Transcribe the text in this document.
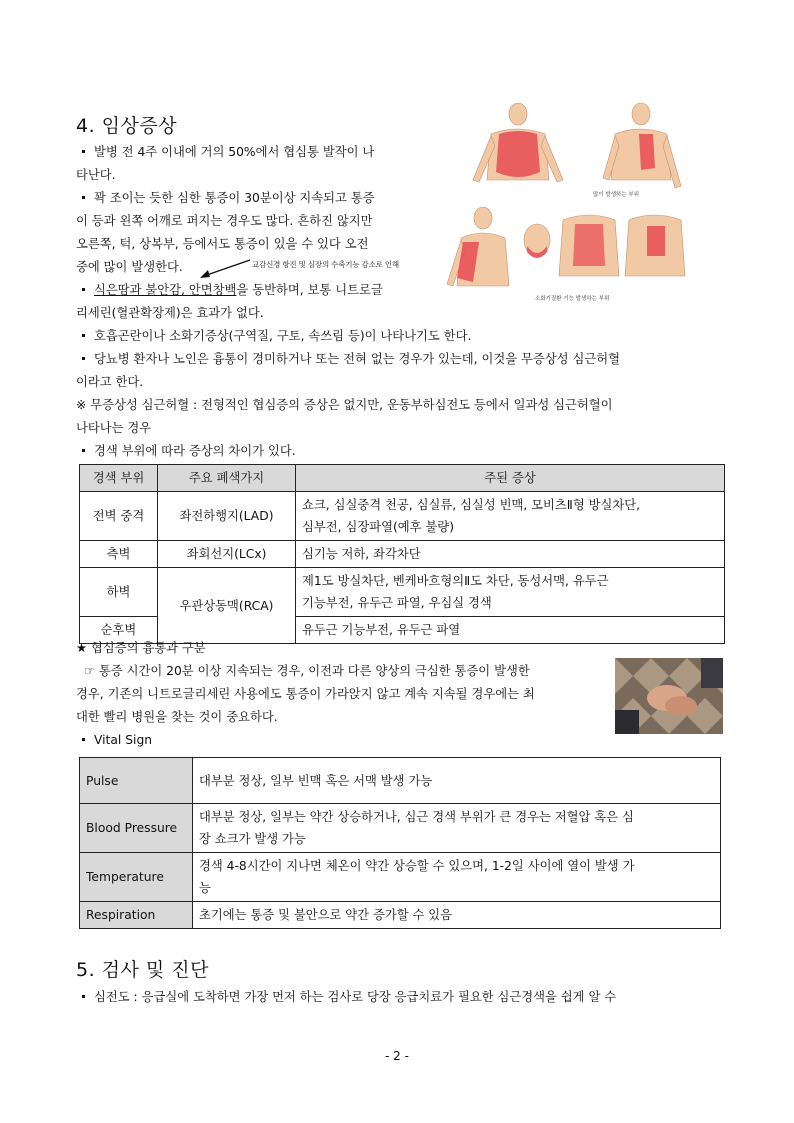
4. 임상증상
발병 전 4주 이내에 거의 50%에서 협심통 발작이 나
타난다.
꽉 조이는 듯한 심한 통증이 30분이상 지속되고 통증
이 등과 왼쪽 어깨로 퍼지는 경우도 많다. 흔하진 않지만
오른쪽, 턱, 상복부, 등에서도 통증이 있을 수 있다 오전
중에 많이 발생한다.	교감신경 항진 및 심장의 수축기능 감소로 인해
식은땀과 불안감, 안면창백을 동반하며, 보통 니트로글
리세린(혈관확장제)은 효과가 없다.
호흡곤란이나 소화기증상(구역질, 구토, 속쓰림 등)이 나타나기도 한다.
당뇨병 환자나 노인은 흉통이 경미하거나 또는 전혀 없는 경우가 있는데, 이것을 무증상성 심근허혈
이라고 한다.
※ 무증상성 심근허혈 : 전형적인 협심증의 증상은 없지만, 운동부하심전도 등에서 일과성 심근허혈이
나타나는 경우
경색 부위에 따라 증상의 차이가 있다.
많이 발생하는 부위
소화기질환 기능 발생하는 부위
경색 부위	주요 폐색가지	주된 증상
전벽 중격	좌전하행지(LAD)	쇼크, 심실중격 천공, 심실류, 심실성 빈맥, 모비츠Ⅱ형 방실차단,
심부전, 심장파열(예후 불량)

측벽	좌회선지(LCx)	심기능 저하, 좌각차단
하벽	우관상동맥(RCA)	제1도 방실차단, 벤케바흐형의Ⅱ도 차단, 동성서맥, 유두근
기능부전, 유두근 파열, 우심실 경색

순후벽		유두근 기능부전, 유두근 파열
★ 협심증의 흉통과 구분
☞ 통증 시간이 20분 이상 지속되는 경우, 이전과 다른 양상의 극심한 통증이 발생한
경우, 기존의 니트로글리세린 사용에도 통증이 가라앉지 않고 계속 지속될 경우에는 최
대한 빨리 병원을 찾는 것이 중요하다.
Vital Sign
Pulse	대부분 정상, 일부 빈맥 혹은 서맥 발생 가능
Blood Pressure	대부분 정상, 일부는 약간 상승하거나, 심근 경색 부위가 큰 경우는 저혈압 혹은 심
장 쇼크가 발생 가능

Temperature	경색 4-8시간이 지나면 체온이 약간 상승할 수 있으며, 1-2일 사이에 열이 발생 가
능

Respiration	초기에는 통증 및 불안으로 약간 증가할 수 있음
5. 검사 및 진단
심전도 : 응급실에 도착하면 가장 먼저 하는 검사로 당장 응급치료가 필요한 심근경색을 쉽게 알 수
- 2 -
